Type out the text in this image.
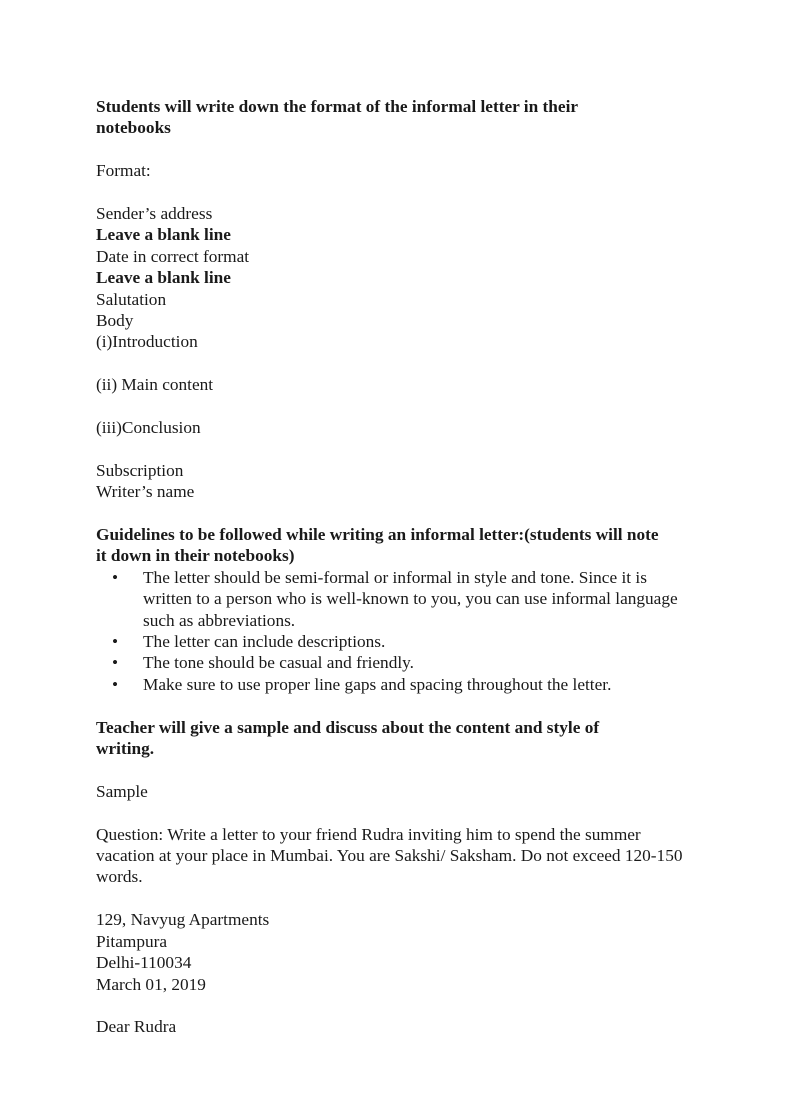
Students will write down the format of the informal letter in their notebooks

Format:

Sender’s address

Leave a blank line

Date in correct format

Leave a blank line

Salutation

Body

(i)Introduction

(ii) Main content

(iii)Conclusion

Subscription

Writer’s name

Guidelines to be followed while writing an informal letter:(students will note it down in their notebooks)

• The letter should be semi-formal or informal in style and tone. Since it is written to a person who is well-known to you, you can use informal language such as abbreviations.
• The letter can include descriptions.
• The tone should be casual and friendly.
• Make sure to use proper line gaps and spacing throughout the letter.

Teacher will give a sample and discuss about the content and style of writing.

Sample

Question: Write a letter to your friend Rudra inviting him to spend the summer vacation at your place in Mumbai. You are Sakshi/ Saksham. Do not exceed 120-150 words.

129, Navyug Apartments

Pitampura

Delhi-110034

March 01, 2019

Dear Rudra
